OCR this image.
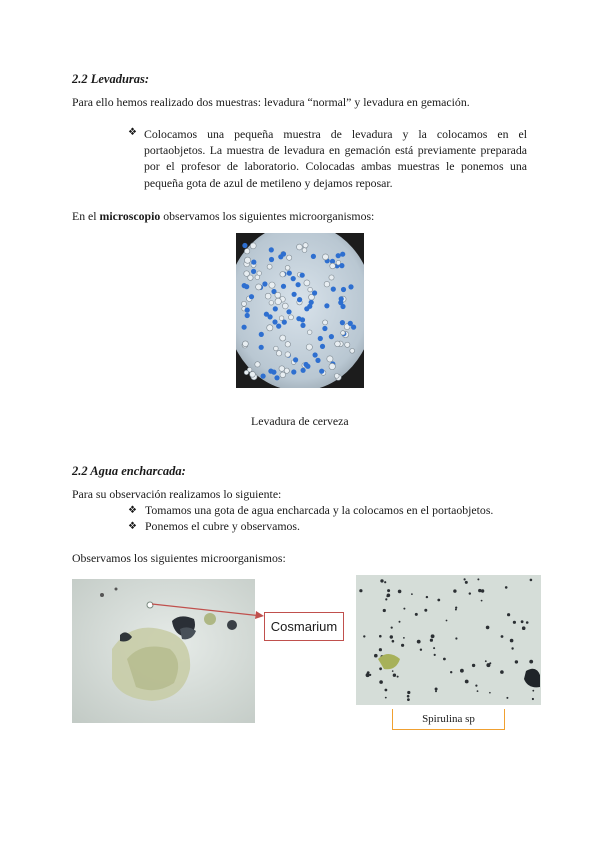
2.2 Levaduras:
Para ello hemos realizado dos muestras: levadura “normal” y levadura en gemación.
❖ Colocamos una pequeña muestra de levadura y la colocamos en el
portaobjetos. La muestra de levadura en gemación está previamente preparada
por el profesor de laboratorio. Colocadas ambas muestras le ponemos una
pequeña gota de azul de metileno y dejamos reposar.
En el microscopio observamos los siguientes microorganismos:
Levadura de cerveza
2.2 Agua encharcada:
Para su observación realizamos lo siguiente:
❖ Tomamos una gota de agua encharcada y la colocamos en el portaobjetos.
❖ Ponemos el cubre y observamos.
Observamos los siguientes microorganismos:
Cosmarium
Spirulina sp
